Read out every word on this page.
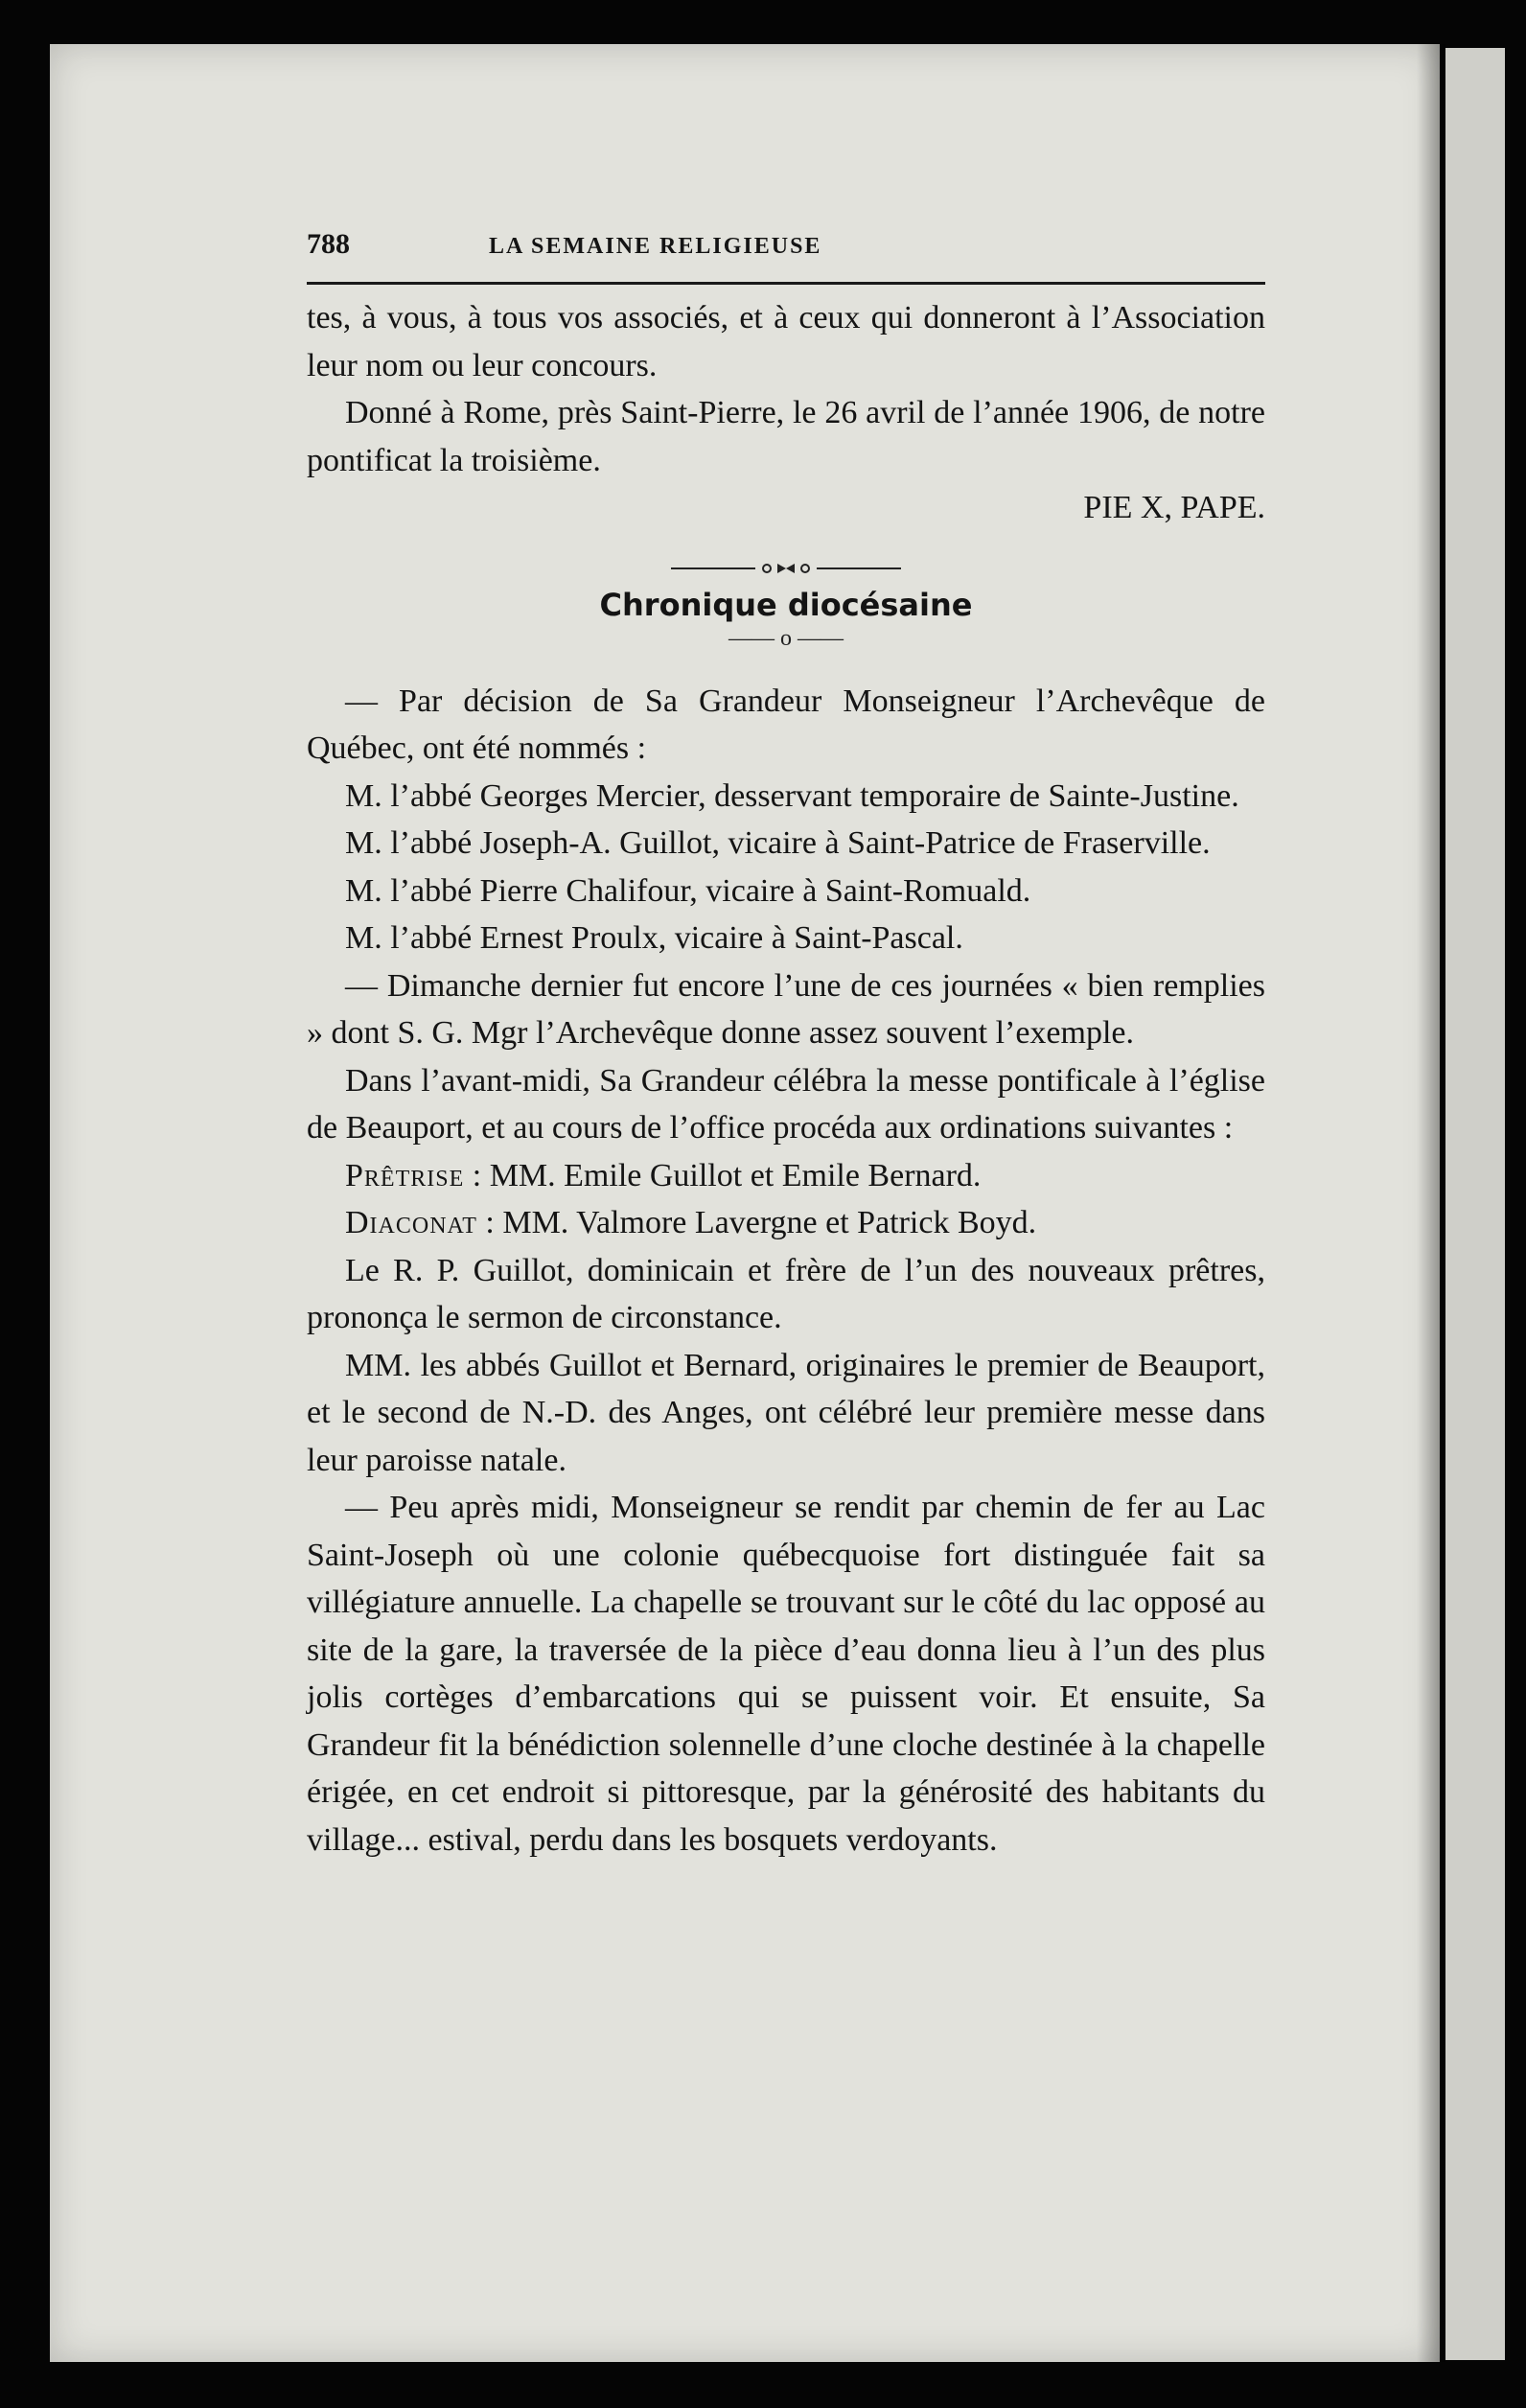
788	LA SEMAINE RELIGIEUSE

tes, à vous, à tous vos associés, et à ceux qui donneront à l’Association leur nom ou leur concours.

Donné à Rome, près Saint-Pierre, le 26 avril de l’année 1906, de notre pontificat la troisième.

PIE X, PAPE.

Chronique diocésaine

—— o ——

— Par décision de Sa Grandeur Monseigneur l’Archevêque de Québec, ont été nommés :

M. l’abbé Georges Mercier, desservant temporaire de Sainte-Justine.

M. l’abbé Joseph-A. Guillot, vicaire à Saint-Patrice de Fraserville.

M. l’abbé Pierre Chalifour, vicaire à Saint-Romuald.

M. l’abbé Ernest Proulx, vicaire à Saint-Pascal.

— Dimanche dernier fut encore l’une de ces journées « bien remplies » dont S. G. Mgr l’Archevêque donne assez souvent l’exemple.

Dans l’avant-midi, Sa Grandeur célébra la messe pontificale à l’église de Beauport, et au cours de l’office procéda aux ordinations suivantes :

Prêtrise : MM. Emile Guillot et Emile Bernard.

Diaconat : MM. Valmore Lavergne et Patrick Boyd.

Le R. P. Guillot, dominicain et frère de l’un des nouveaux prêtres, prononça le sermon de circonstance.

MM. les abbés Guillot et Bernard, originaires le premier de Beauport, et le second de N.-D. des Anges, ont célébré leur première messe dans leur paroisse natale.

— Peu après midi, Monseigneur se rendit par chemin de fer au Lac Saint-Joseph où une colonie québecquoise fort distinguée fait sa villégiature annuelle. La chapelle se trouvant sur le côté du lac opposé au site de la gare, la traversée de la pièce d’eau donna lieu à l’un des plus jolis cortèges d’embarcations qui se puissent voir. Et ensuite, Sa Grandeur fit la bénédiction solennelle d’une cloche destinée à la chapelle érigée, en cet endroit si pittoresque, par la générosité des habitants du village... estival, perdu dans les bosquets verdoyants.
